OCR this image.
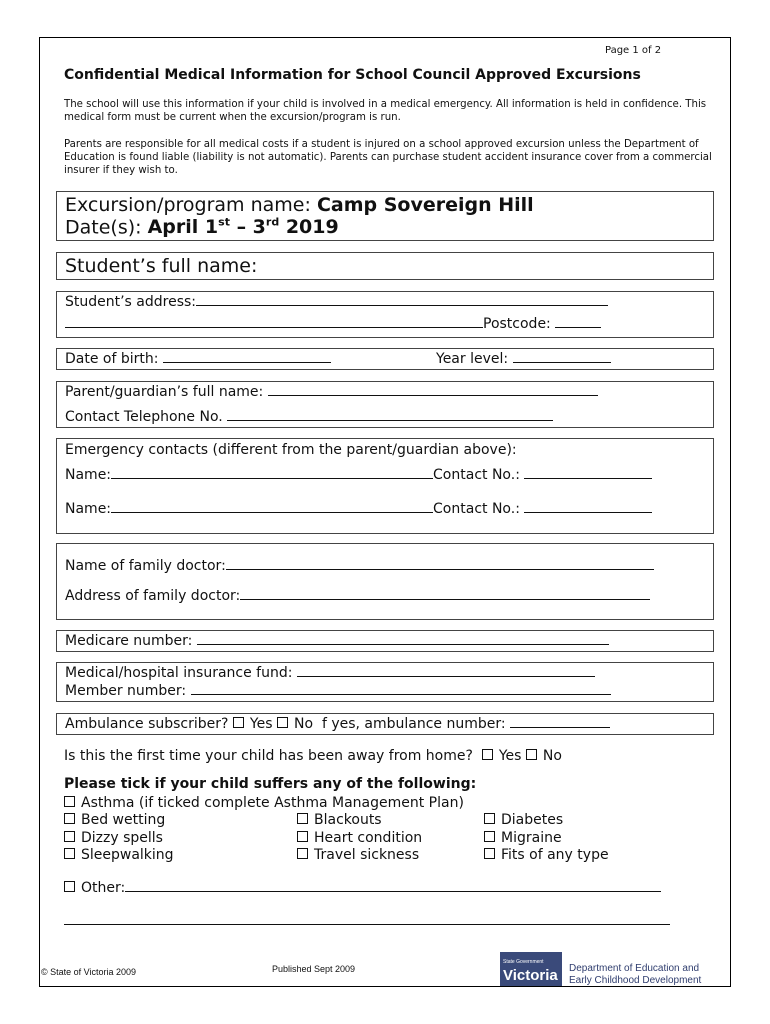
Page 1 of 2
Confidential Medical Information for School Council Approved Excursions
The school will use this information if your child is involved in a medical emergency. All information is held in confidence. This medical form must be current when the excursion/program is run.
Parents are responsible for all medical costs if a student is injured on a school approved excursion unless the Department of Education is found liable (liability is not automatic). Parents can purchase student accident insurance cover from a commercial insurer if they wish to.
Excursion/program name: Camp Sovereign Hill
Date(s): April 1st – 3rd 2019
Student’s full name:
Student’s address:
Postcode:
Date of birth:	Year level:
Parent/guardian’s full name:
Contact Telephone No.
Emergency contacts (different from the parent/guardian above):
Name:	Contact No.:
Name:	Contact No.:
Name of family doctor:
Address of family doctor:
Medicare number:
Medical/hospital insurance fund:
Member number:
Ambulance subscriber? Yes No f yes, ambulance number:
Is this the first time your child has been away from home? Yes No
Please tick if your child suffers any of the following:
Asthma (if ticked complete Asthma Management Plan)
Bed wetting	Blackouts	Diabetes
Dizzy spells	Heart condition	Migraine
Sleepwalking	Travel sickness	Fits of any type
Other:
© State of Victoria 2009	Published Sept 2009
State Government
Victoria Department of Education and
Early Childhood Development
